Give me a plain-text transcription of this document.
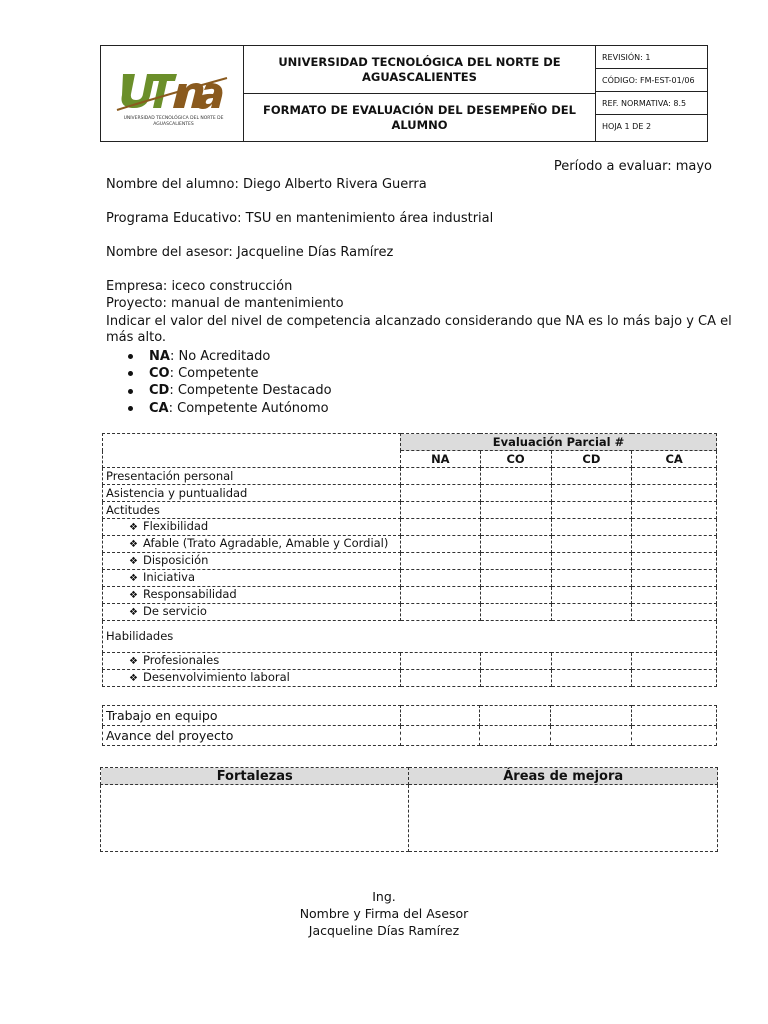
UNIVERSIDAD TECNOLÓGICA DEL NORTE DE AGUASCALIENTES
UNIVERSIDAD TECNOLÓGICA DEL NORTE DE AGUASCALIENTES
FORMATO DE EVALUACIÓN DEL DESEMPEÑO DEL ALUMNO
REVISIÓN: 1
CÓDIGO: FM-EST-01/06
REF. NORMATIVA: 8.5
HOJA 1 DE 2
Período a evaluar: mayo
Nombre del alumno: Diego Alberto Rivera Guerra
Programa Educativo: TSU en mantenimiento área industrial
Nombre del asesor: Jacqueline Días Ramírez
Empresa: iceco construcción
Proyecto: manual de mantenimiento
Indicar el valor del nivel de competencia alcanzado considerando que NA es lo más bajo y CA el
más alto.
NA : No Acreditado
CO : Competente
CD : Competente Destacado
CA : Competente Autónomo
	Evaluación Parcial #			
	NA	CO	CD	CA
Presentación personal				
Asistencia y puntualidad				
Actitudes				
❖ Flexibilidad				
❖ Afable (Trato Agradable, Amable y Cordial)				
❖ Disposición				
❖ Iniciativa				
❖ Responsabilidad				
❖ De servicio				
Habilidades				
❖ Profesionales				
❖ Desenvolvimiento laboral				
Trabajo en equipo				
Avance del proyecto				
Fortalezas	Áreas de mejora

Ing.
Nombre y Firma del Asesor
Jacqueline Días Ramírez
